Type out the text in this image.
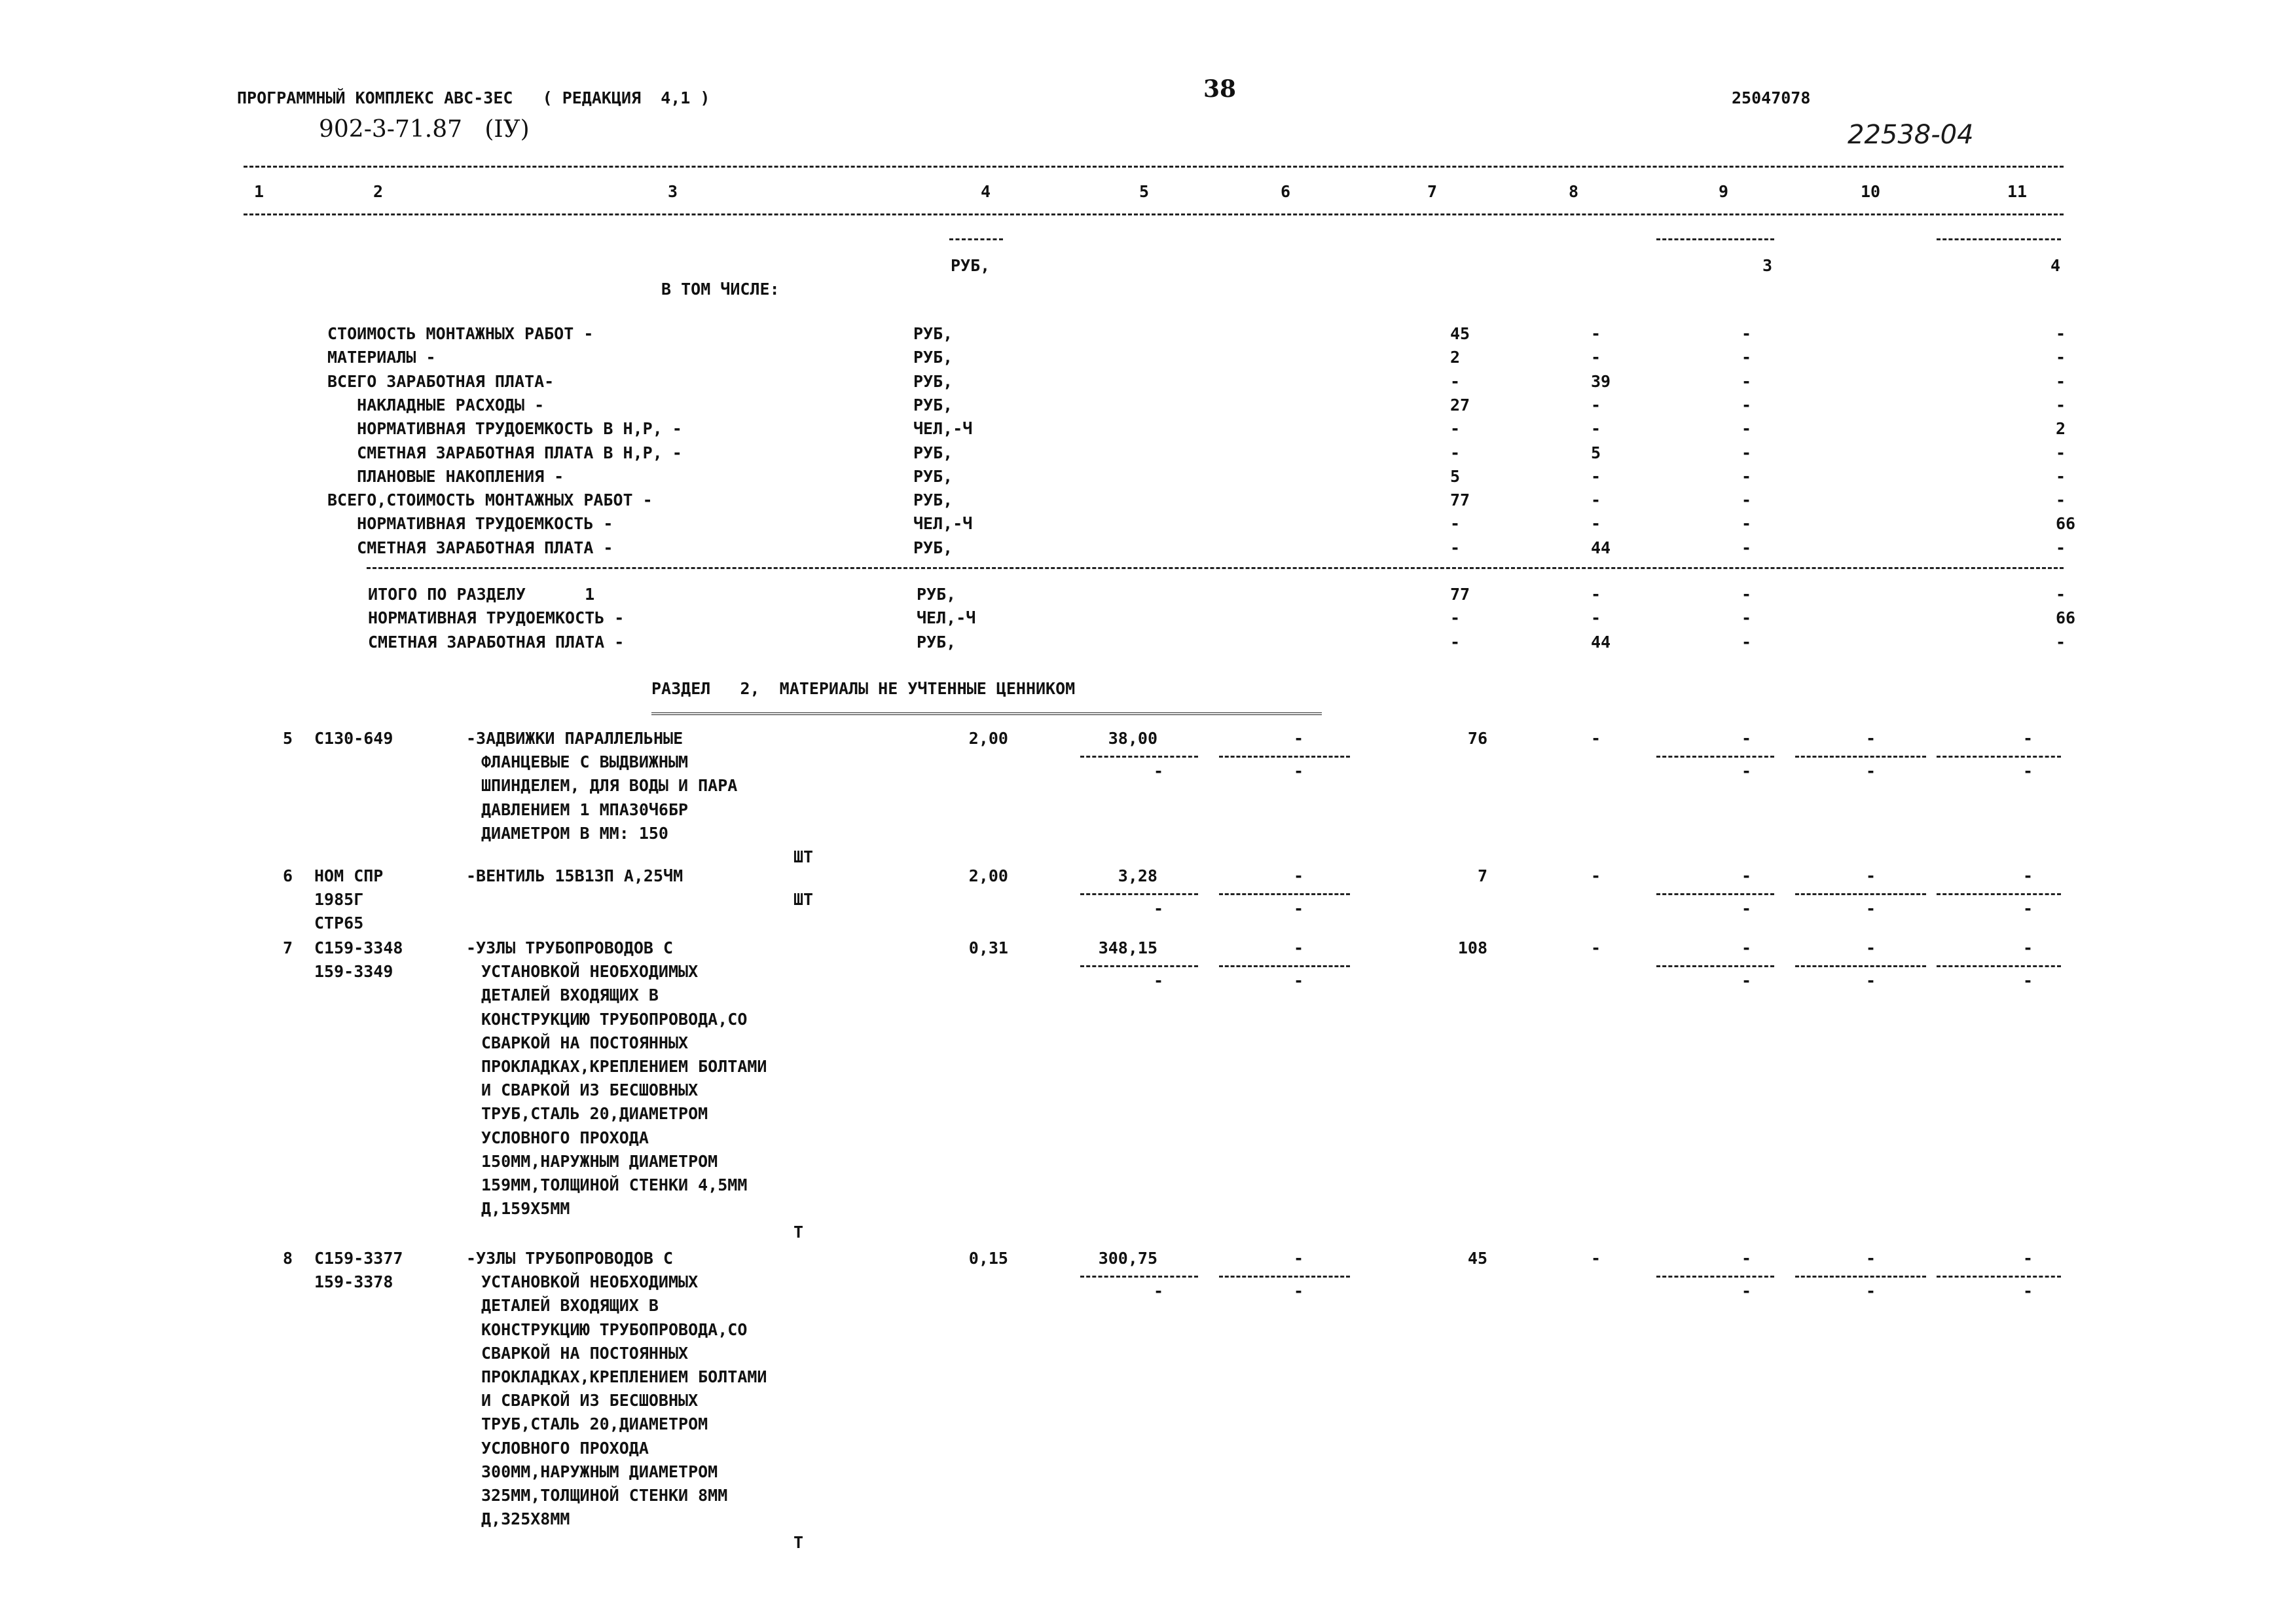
ПРОГРАММНЫЙ КОМПЛЕКС АВС-ЗЕС   ( РЕДАКЦИЯ  4,1 )	38	25047078
902-3-71.87   (IУ)	22538-04
1	2	3	4	5	6	7	8	9	10	11
РУБ,	3	4
В ТОМ ЧИСЛЕ:
СТОИМОСТЬ МОНТАЖНЫХ РАБОТ -	РУБ,	45	-	-	-
МАТЕРИАЛЫ -	РУБ,	2	-	-	-
ВСЕГО ЗАРАБОТНАЯ ПЛАТА-	РУБ,	-	39	-	-
НАКЛАДНЫЕ РАСХОДЫ -	РУБ,	27	-	-	-
НОРМАТИВНАЯ ТРУДОЕМКОСТЬ В Н,Р, -	ЧЕЛ,-Ч	-	-	-	2
СМЕТНАЯ ЗАРАБОТНАЯ ПЛАТА В Н,Р, -	РУБ,	-	5	-	-
ПЛАНОВЫЕ НАКОПЛЕНИЯ -	РУБ,	5	-	-	-
ВСЕГО,СТОИМОСТЬ МОНТАЖНЫХ РАБОТ -	РУБ,	77	-	-	-
НОРМАТИВНАЯ ТРУДОЕМКОСТЬ -	ЧЕЛ,-Ч	-	-	-	66
СМЕТНАЯ ЗАРАБОТНАЯ ПЛАТА -	РУБ,	-	44	-	-
ИТОГО ПО РАЗДЕЛУ      1	РУБ,	77	-	-	-
НОРМАТИВНАЯ ТРУДОЕМКОСТЬ -	ЧЕЛ,-Ч	-	-	-	66
СМЕТНАЯ ЗАРАБОТНАЯ ПЛАТА -	РУБ,	-	44	-	-
РАЗДЕЛ   2,  МАТЕРИАЛЫ НЕ УЧТЕННЫЕ ЦЕННИКОМ
5 С130-649	-ЗАДВИЖКИ ПАРАЛЛЕЛЬНЫЕ
ФЛАНЦЕВЫЕ С ВЫДВИЖНЫМ
ШПИНДЕЛЕМ, ДЛЯ ВОДЫ И ПАРА
ДАВЛЕНИЕМ 1 МПА30Ч6БР
ДИАМЕТРОМ В ММ: 150
ШТ
2,00	38,00	-	76	-	-	-	-
-	-	-	-	-
6 НОМ СПР
1985Г
СТР65
-ВЕНТИЛЬ 15В13П А,25ЧМ
ШТ
2,00	3,28	-	7	-	-	-	-
-	-	-	-	-
7 С159-3348
159-3349
-УЗЛЫ ТРУБОПРОВОДОВ С
УСТАНОВКОЙ НЕОБХОДИМЫХ
ДЕТАЛЕЙ ВХОДЯЩИХ В
КОНСТРУКЦИЮ ТРУБОПРОВОДА,СО
СВАРКОЙ НА ПОСТОЯННЫХ
ПРОКЛАДКАХ,КРЕПЛЕНИЕМ БОЛТАМИ
И СВАРКОЙ ИЗ БЕСШОВНЫХ
ТРУБ,СТАЛЬ 20,ДИАМЕТРОМ
УСЛОВНОГО ПРОХОДА
150ММ,НАРУЖНЫМ ДИАМЕТРОМ
159ММ,ТОЛЩИНОЙ СТЕНКИ 4,5ММ
Д,159Х5ММ
Т
0,31	348,15	-	108	-	-	-	-
-	-	-	-	-
8 С159-3377
159-3378
-УЗЛЫ ТРУБОПРОВОДОВ С
УСТАНОВКОЙ НЕОБХОДИМЫХ
ДЕТАЛЕЙ ВХОДЯЩИХ В
КОНСТРУКЦИЮ ТРУБОПРОВОДА,СО
СВАРКОЙ НА ПОСТОЯННЫХ
ПРОКЛАДКАХ,КРЕПЛЕНИЕМ БОЛТАМИ
И СВАРКОЙ ИЗ БЕСШОВНЫХ
ТРУБ,СТАЛЬ 20,ДИАМЕТРОМ
УСЛОВНОГО ПРОХОДА
300ММ,НАРУЖНЫМ ДИАМЕТРОМ
325ММ,ТОЛЩИНОЙ СТЕНКИ 8ММ
Д,325Х8ММ
Т
0,15	300,75	-	45	-	-	-	-
-	-	-	-	-
